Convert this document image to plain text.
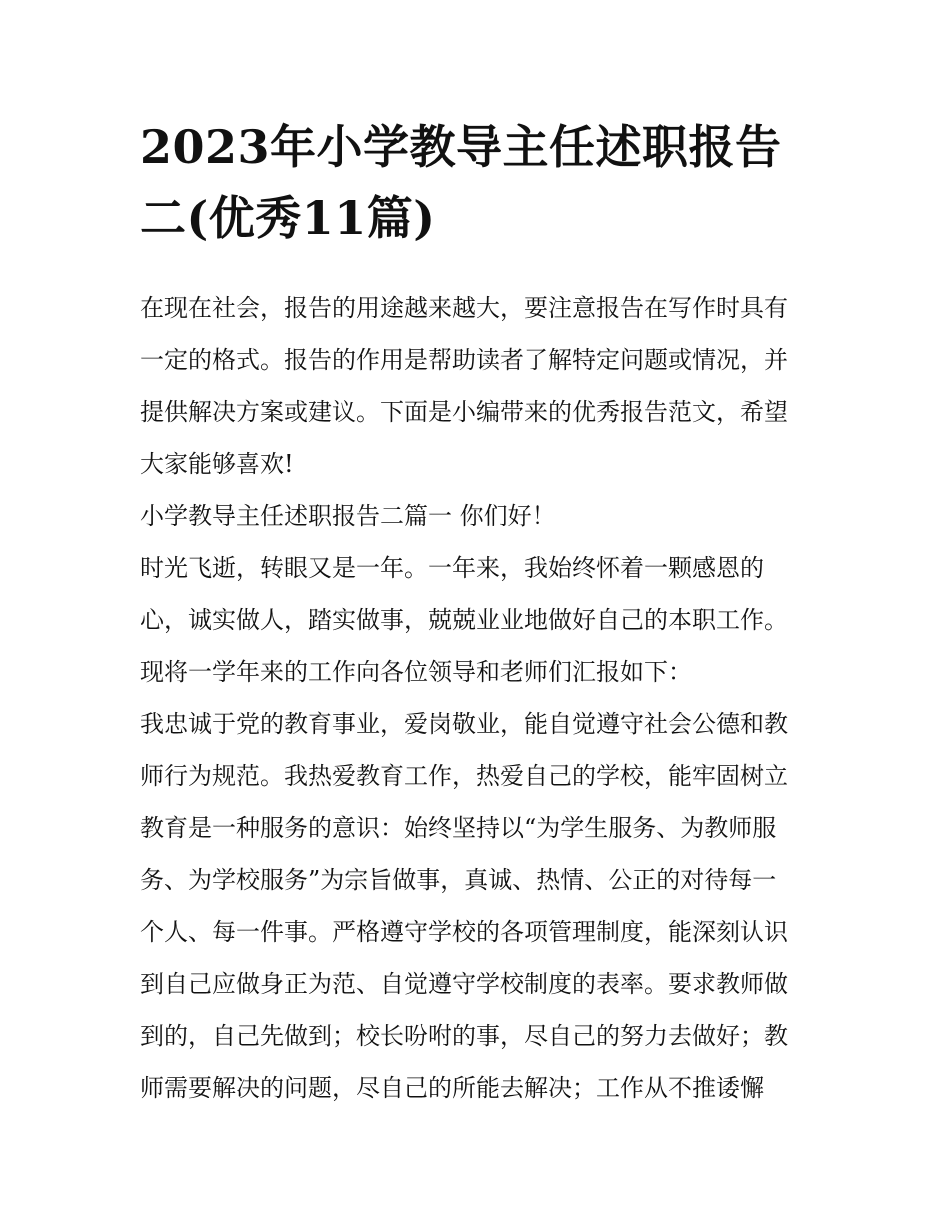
2023年小学教导主任述职报告
二(优秀11篇)

在现在社会，报告的用途越来越大，要注意报告在写作时具有
一定的格式。报告的作用是帮助读者了解特定问题或情况，并
提供解决方案或建议。下面是小编带来的优秀报告范文，希望
大家能够喜欢!

小学教导主任述职报告二篇一 你们好！

时光飞逝，转眼又是一年。一年来，我始终怀着一颗感恩的
心，诚实做人，踏实做事，兢兢业业地做好自己的本职工作。
现将一学年来的工作向各位领导和老师们汇报如下：

我忠诚于党的教育事业，爱岗敬业，能自觉遵守社会公德和教
师行为规范。我热爱教育工作，热爱自己的学校，能牢固树立
教育是一种服务的意识：始终坚持以“为学生服务、为教师服
务、为学校服务”为宗旨做事，真诚、热情、公正的对待每一
个人、每一件事。严格遵守学校的各项管理制度，能深刻认识
到自己应做身正为范、自觉遵守学校制度的表率。要求教师做
到的，自己先做到；校长吩咐的事，尽自己的努力去做好；教
师需要解决的问题，尽自己的所能去解决；工作从不推诿懈
